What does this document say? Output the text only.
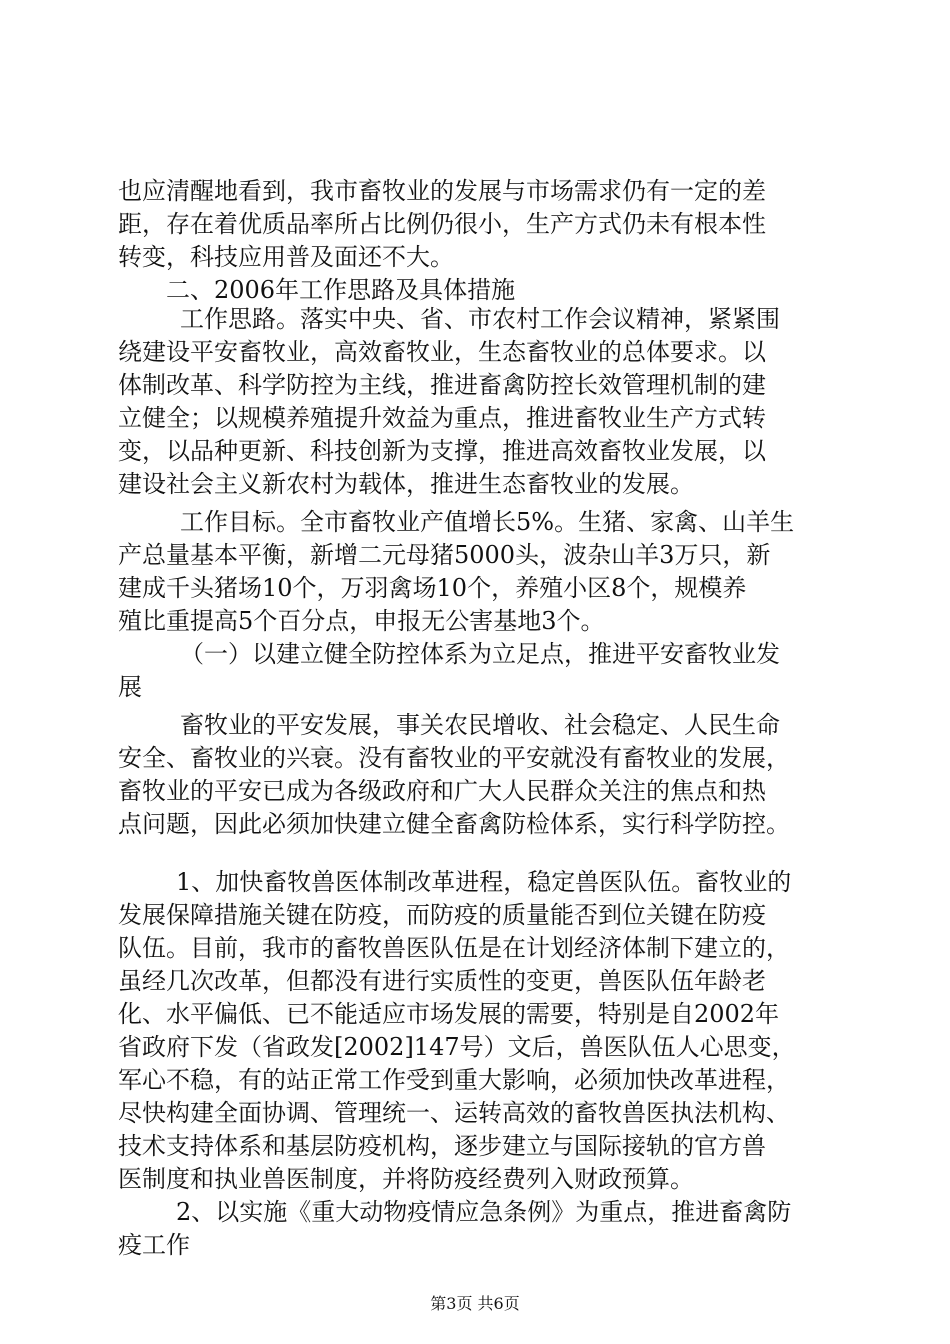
也应清醒地看到，我市畜牧业的发展与市场需求仍有一定的差
距，存在着优质品率所占比例仍很小，生产方式仍未有根本性
转变，科技应用普及面还不大。
二、2006年工作思路及具体措施
工作思路。落实中央、省、市农村工作会议精神，紧紧围
绕建设平安畜牧业，高效畜牧业，生态畜牧业的总体要求。以
体制改革、科学防控为主线，推进畜禽防控长效管理机制的建
立健全；以规模养殖提升效益为重点，推进畜牧业生产方式转
变，以品种更新、科技创新为支撑，推进高效畜牧业发展，以
建设社会主义新农村为载体，推进生态畜牧业的发展。
工作目标。全市畜牧业产值增长5%。生猪、家禽、山羊生
产总量基本平衡，新增二元母猪5000头，波杂山羊3万只，新
建成千头猪场10个，万羽禽场10个，养殖小区8个，规模养
殖比重提高5个百分点，申报无公害基地3个。
（一）以建立健全防控体系为立足点，推进平安畜牧业发
展
畜牧业的平安发展，事关农民增收、社会稳定、人民生命
安全、畜牧业的兴衰。没有畜牧业的平安就没有畜牧业的发展，
畜牧业的平安已成为各级政府和广大人民群众关注的焦点和热
点问题，因此必须加快建立健全畜禽防检体系，实行科学防控。
1、加快畜牧兽医体制改革进程，稳定兽医队伍。畜牧业的
发展保障措施关键在防疫，而防疫的质量能否到位关键在防疫
队伍。目前，我市的畜牧兽医队伍是在计划经济体制下建立的，
虽经几次改革，但都没有进行实质性的变更，兽医队伍年龄老
化、水平偏低、已不能适应市场发展的需要，特别是自2002年
省政府下发（省政发[2002]147号）文后，兽医队伍人心思变，
军心不稳，有的站正常工作受到重大影响，必须加快改革进程，
尽快构建全面协调、管理统一、运转高效的畜牧兽医执法机构、
技术支持体系和基层防疫机构，逐步建立与国际接轨的官方兽
医制度和执业兽医制度，并将防疫经费列入财政预算。
2、以实施《重大动物疫情应急条例》为重点，推进畜禽防
疫工作
第3页 共6页
